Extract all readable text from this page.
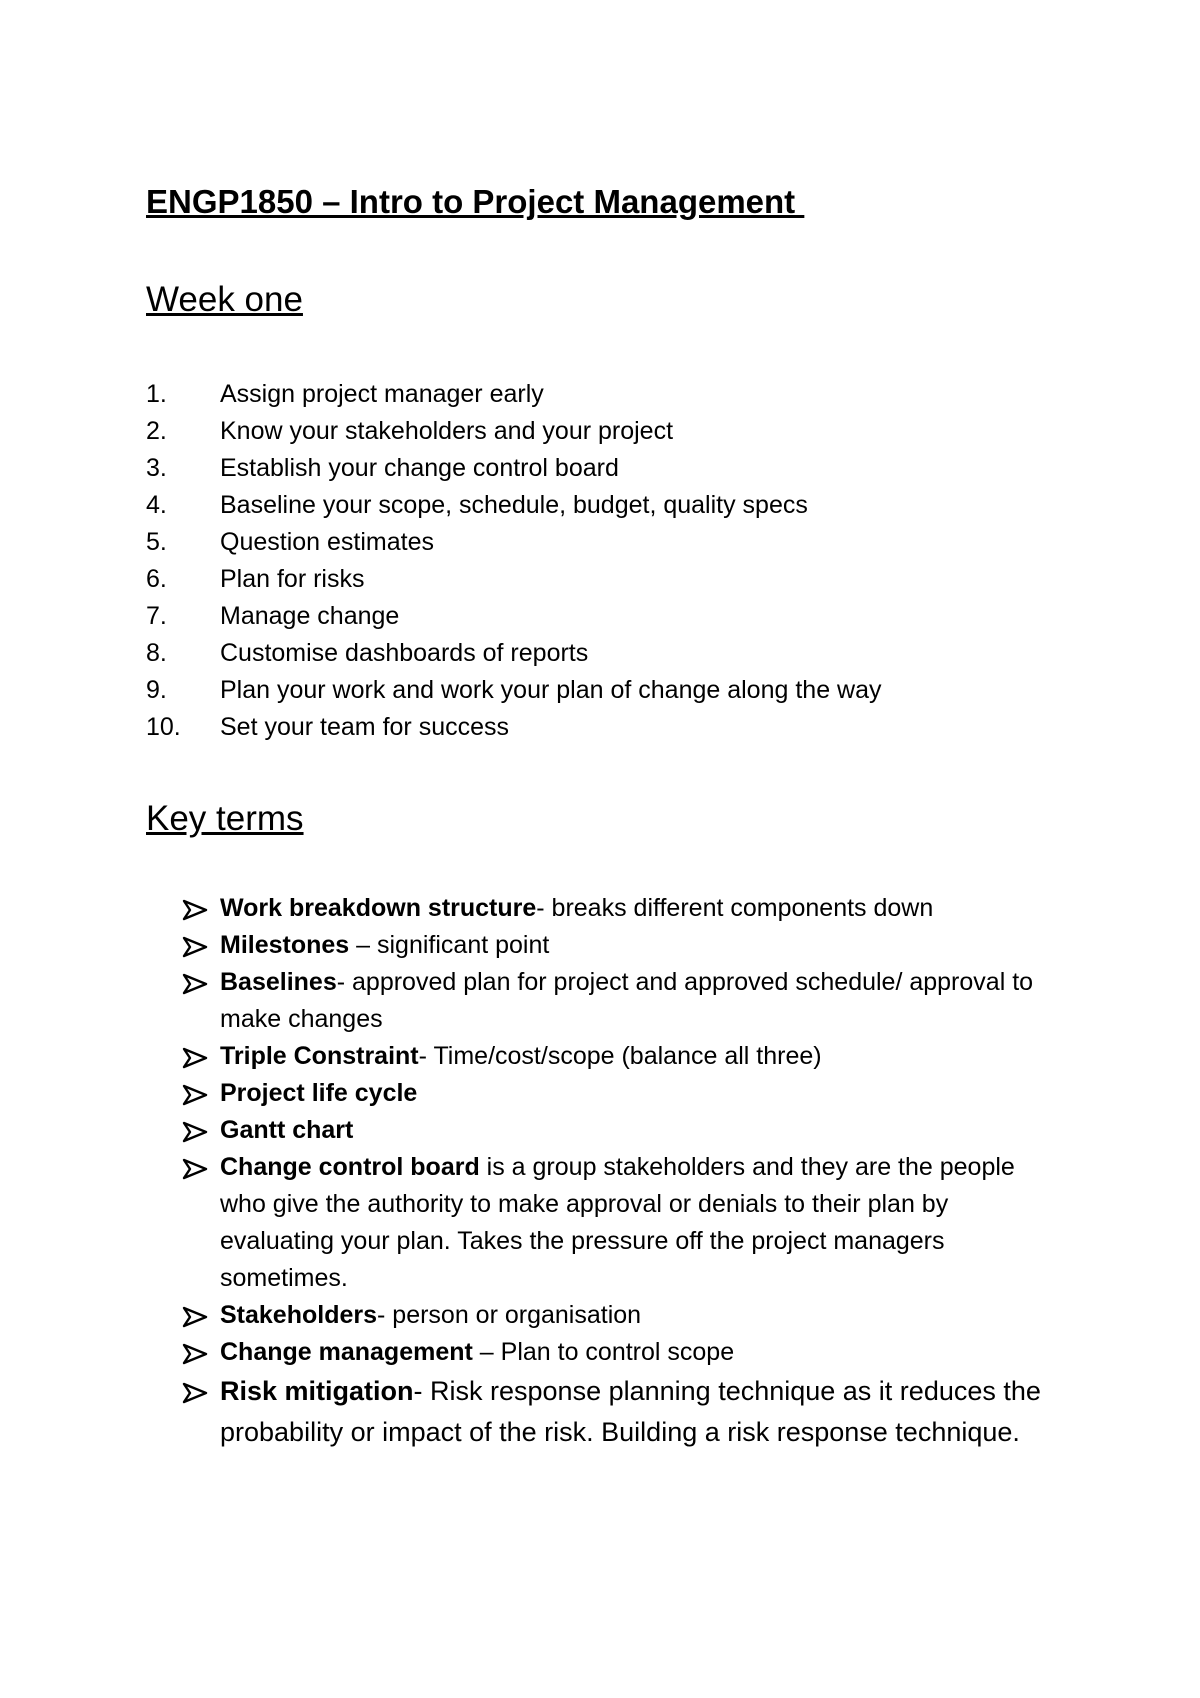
ENGP1850 – Intro to Project Management
Week one
1.	Assign project manager early
2.	Know your stakeholders and your project
3.	Establish your change control board
4.	Baseline your scope, schedule, budget, quality specs
5.	Question estimates
6.	Plan for risks
7.	Manage change
8.	Customise dashboards of reports
9.	Plan your work and work your plan of change along the way
10.	Set your team for success
Key terms
Work breakdown structure- breaks different components down
Milestones – significant point
Baselines- approved plan for project and approved schedule/ approval to make changes
Triple Constraint- Time/cost/scope (balance all three)
Project life cycle
Gantt chart
Change control board is a group stakeholders and they are the people who give the authority to make approval or denials to their plan by evaluating your plan. Takes the pressure off the project managers sometimes.
Stakeholders- person or organisation
Change management – Plan to control scope
Risk mitigation- Risk response planning technique as it reduces the probability or impact of the risk. Building a risk response technique.
